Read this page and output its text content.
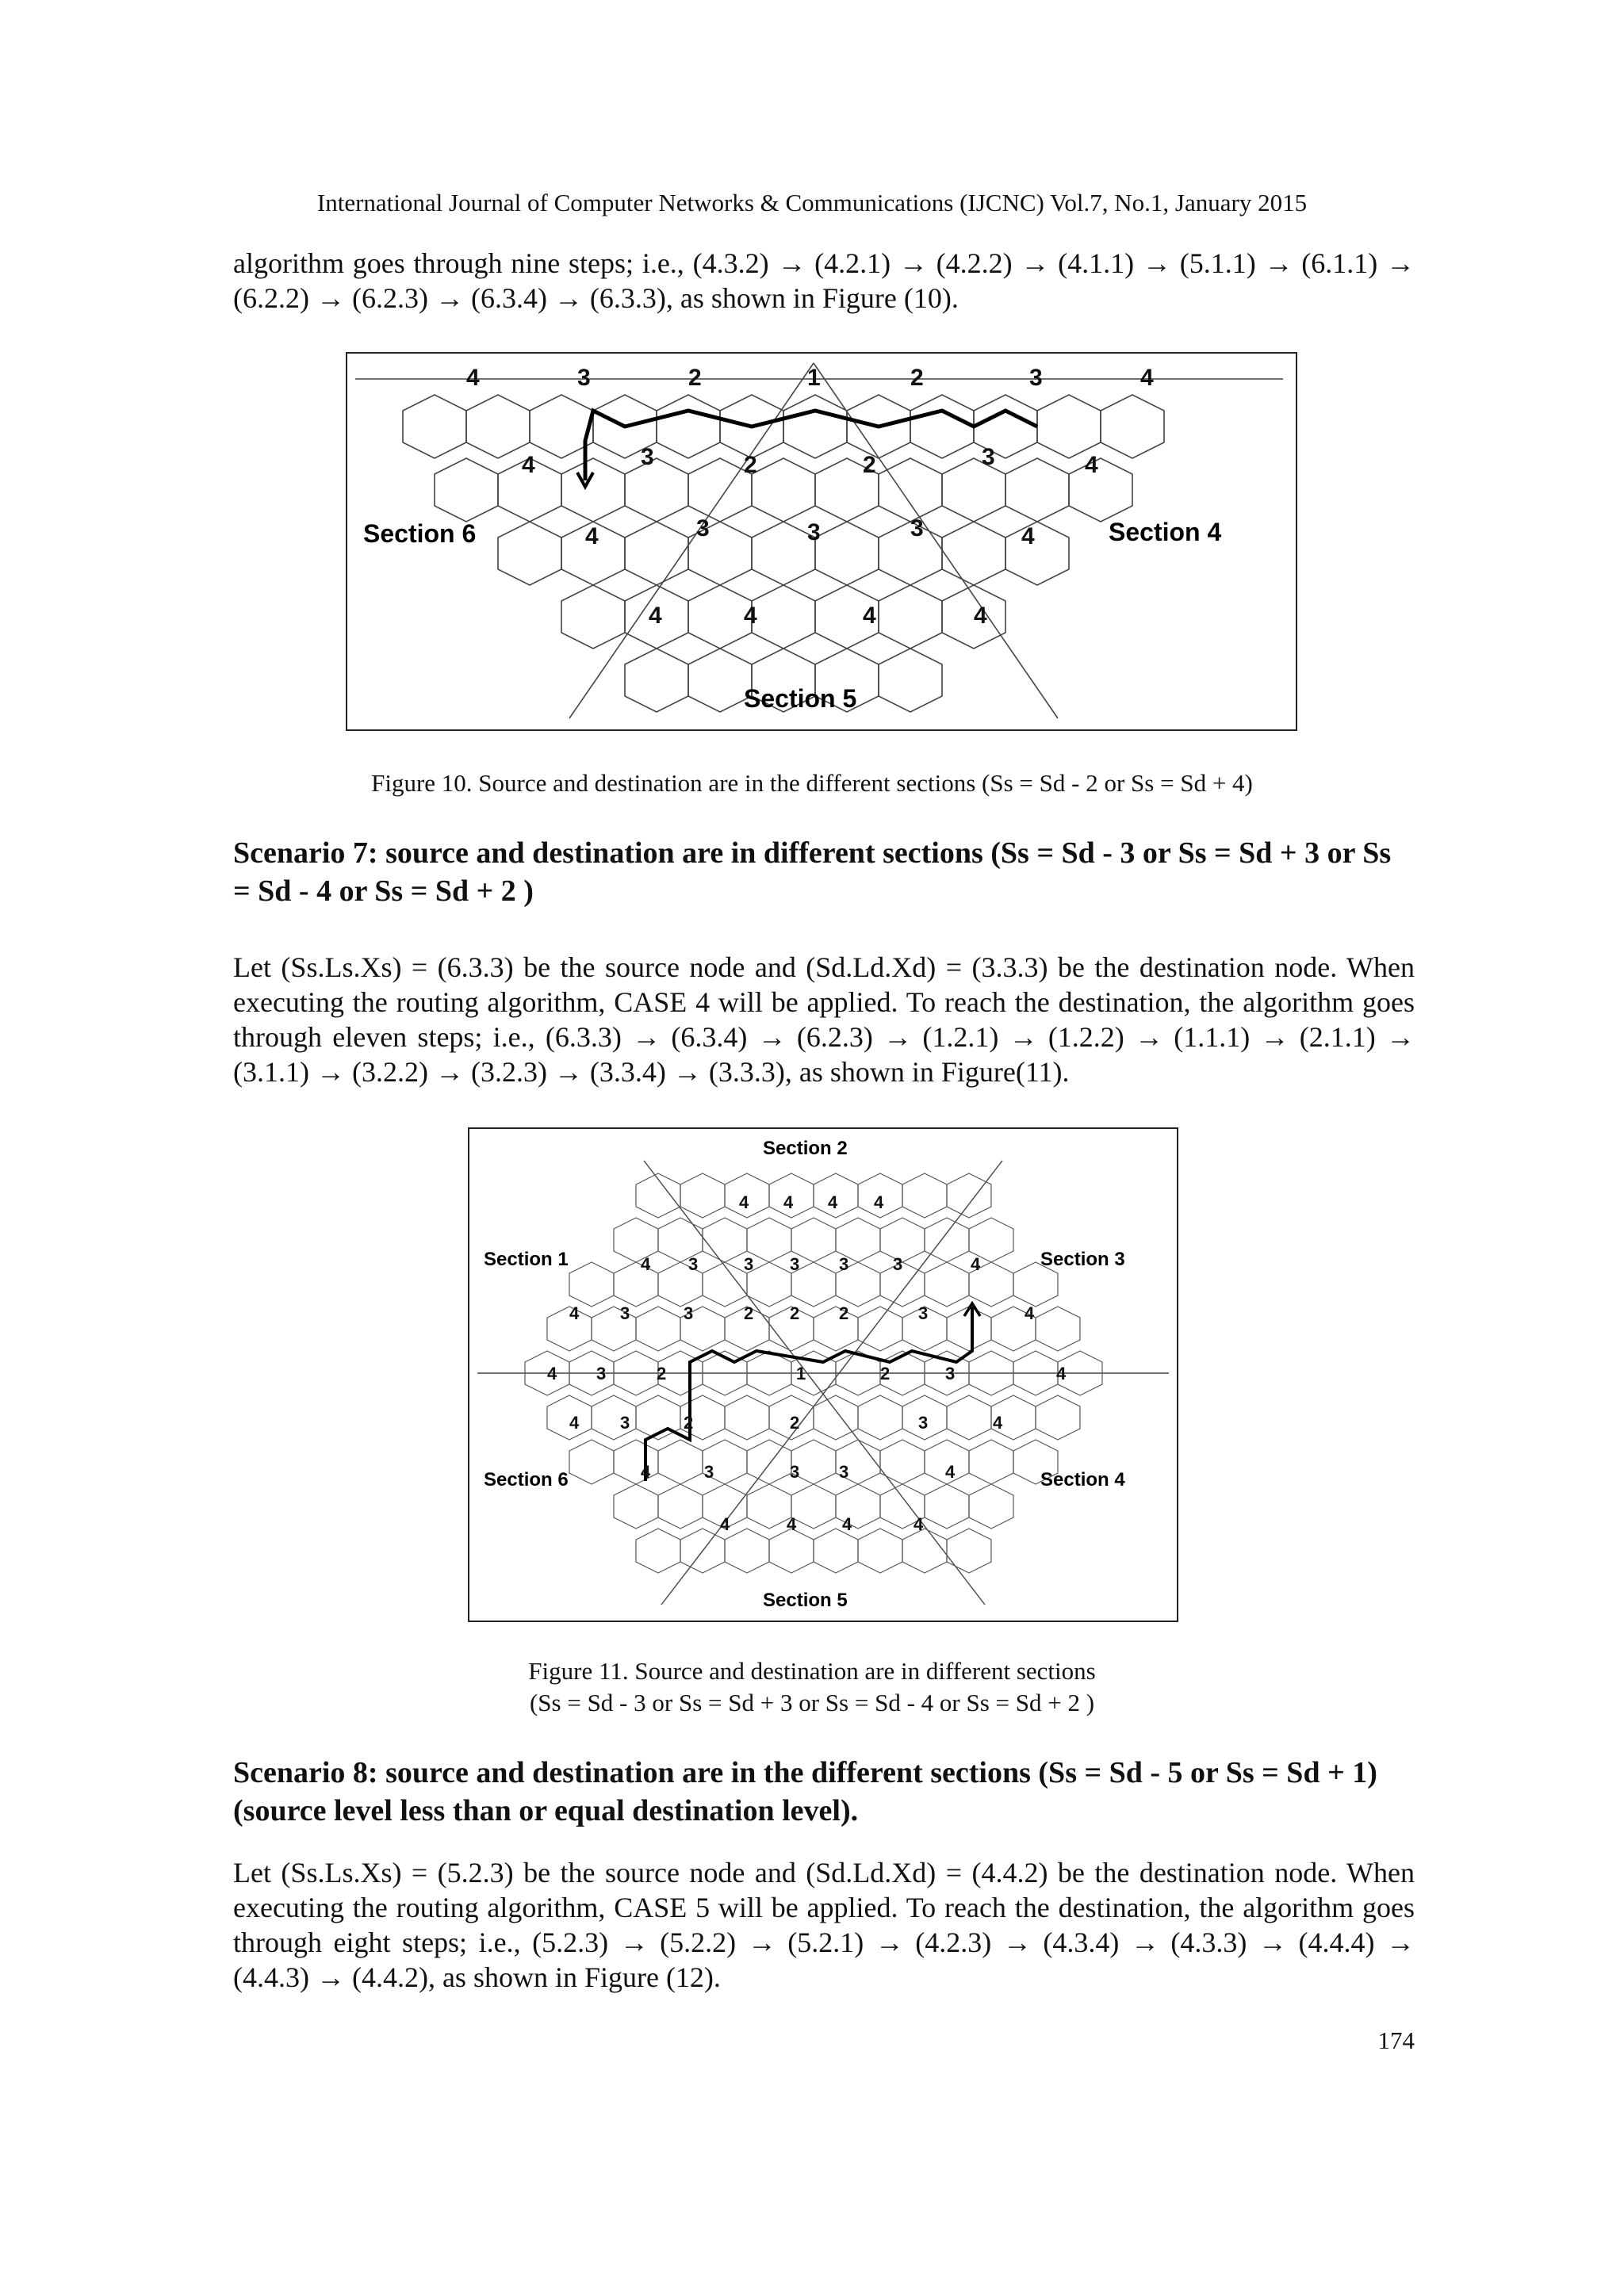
International Journal of Computer Networks & Communications (IJCNC) Vol.7, No.1, January 2015

algorithm goes through nine steps; i.e., (4.3.2) → (4.2.1) → (4.2.2) → (4.1.1) → (5.1.1) → (6.1.1) → (6.2.2) → (6.2.3) → (6.3.4) → (6.3.3), as shown in Figure (10).

4	3	2	1	2	3	4
4	3	2	2	3	4
4	3	3	3	4
4	4	4	4
Section 6	Section 4
Section 5
Figure 10. Source and destination are in the different sections (Ss = Sd - 2 or Ss = Sd + 4)
Scenario 7: source and destination are in different sections (Ss = Sd - 3 or Ss = Sd + 3 or Ss = Sd - 4 or Ss = Sd + 2 )

Let (Ss.Ls.Xs) = (6.3.3) be the source node and (Sd.Ld.Xd) = (3.3.3) be the destination node. When executing the routing algorithm, CASE 4 will be applied. To reach the destination, the algorithm goes through eleven steps; i.e., (6.3.3) → (6.3.4) → (6.2.3) → (1.2.1) → (1.2.2) → (1.1.1) → (2.1.1) → (3.1.1) → (3.2.2) → (3.2.3) → (3.3.4) → (3.3.3), as shown in Figure(11).

4 4 4 4
4 3	3 3 3	3	4
4 3	3	2 2 2	3	4
4 3	2	1	2	3	4
4 3	2	2	3	4
4	3	3 3	4
4	4	4	4
Section 2
Section 1	Section 3
Section 6	Section 4
Section 5
Figure 11. Source and destination are in different sections
(Ss = Sd - 3 or Ss = Sd + 3 or Ss = Sd - 4 or Ss = Sd + 2 )
Scenario 8: source and destination are in the different sections (Ss = Sd - 5 or Ss = Sd + 1) (source level less than or equal destination level).

Let (Ss.Ls.Xs) = (5.2.3) be the source node and (Sd.Ld.Xd) = (4.4.2) be the destination node. When executing the routing algorithm, CASE 5 will be applied. To reach the destination, the algorithm goes through eight steps; i.e., (5.2.3) → (5.2.2) → (5.2.1) → (4.2.3) → (4.3.4) → (4.3.3) → (4.4.4) → (4.4.3) → (4.4.2), as shown in Figure (12).

174
